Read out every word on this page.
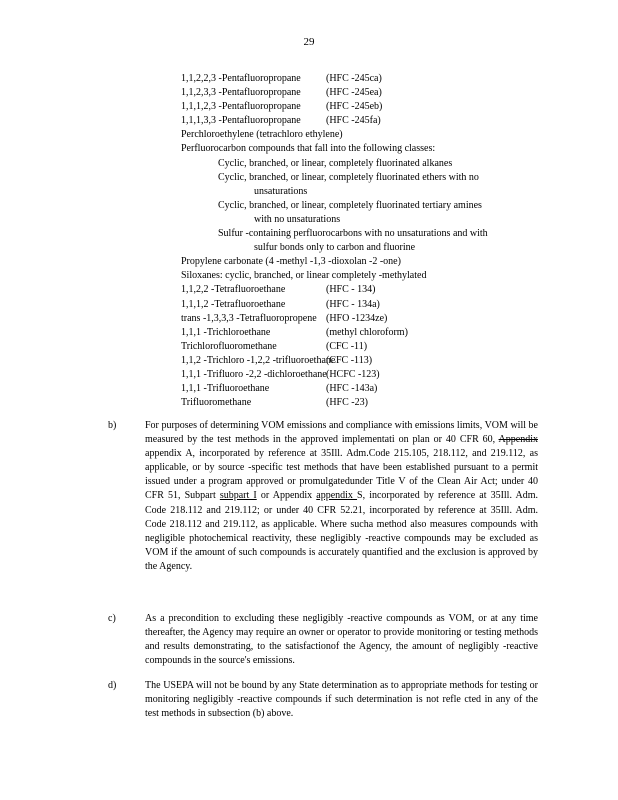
29
1,1,2,2,3 -Pentafluoropropane	(HFC -245ca)
1,1,2,3,3 -Pentafluoropropane	(HFC -245ea)
1,1,1,2,3 -Pentafluoropropane	(HFC -245eb)
1,1,1,3,3 -Pentafluoropropane	(HFC -245fa)
Perchloroethylene (tetrachloro ethylene)
Perfluorocarbon compounds that fall into the following classes:
Cyclic, branched, or linear, completely fluorinated alkanes
Cyclic, branched, or linear, completely fluorinated ethers with no
unsaturations
Cyclic, branched, or linear, completely fluorinated tertiary amines
with no unsaturations
Sulfur -containing perfluorocarbons with no unsaturations and with
sulfur bonds only to carbon and fluorine
Propylene carbonate (4 -methyl -1,3 -dioxolan -2 -one)
Siloxanes: cyclic, branched, or linear completely -methylated
1,1,2,2 -Tetrafluoroethane	(HFC - 134)
1,1,1,2 -Tetrafluoroethane	(HFC - 134a)
trans -1,3,3,3 -Tetrafluoropropene (HFO -1234ze)
1,1,1 -Trichloroethane	(methyl chloroform)
Trichlorofluoromethane	(CFC -11)
1,1,2 -Trichloro -1,2,2 -trifluoroethane(CFC -113)
1,1,1 -Trifluoro -2,2 -dichloroethane(HCFC -123)
1,1,1 -Trifluoroethane	(HFC -143a)
Trifluoromethane	(HFC -23)
b)	For purposes of determining VOM emissions and compliance with emissions limits, VOM will be measured by the test methods in the approved implementati on plan or 40 CFR 60, Appendix appendix A, incorporated by reference at 35Ill. Adm.Code 215.105, 218.112, and 219.112, as applicable, or by source -specific test methods that have been established pursuant to a permit issued under a program approved or promulgatedunder Title V of the Clean Air Act; under 40 CFR 51, Subpart subpart I or Appendix appendix S, incorporated by reference at 35Ill. Adm. Code 218.112 and 219.112; or under 40 CFR 52.21, incorporated by reference at 35Ill. Adm. Code 218.112 and 219.112, as applicable. Where sucha method also measures compounds with negligible photochemical reactivity, these negligibly -reactive compounds may be excluded as VOM if the amount of such compounds is accurately quantified and the exclusion is approved by the Agency.
c)	As a precondition to excluding these negligibly -reactive compounds as VOM, or at any time thereafter, the Agency may require an owner or operator to provide monitoring or testing methods and results demonstrating, to the satisfactionof the Agency, the amount of negligibly -reactive compounds in the source's emissions.
d)	The USEPA will not be bound by any State determination as to appropriate methods for testing or monitoring negligibly -reactive compounds if such determination is not refle cted in any of the test methods in subsection (b) above.
